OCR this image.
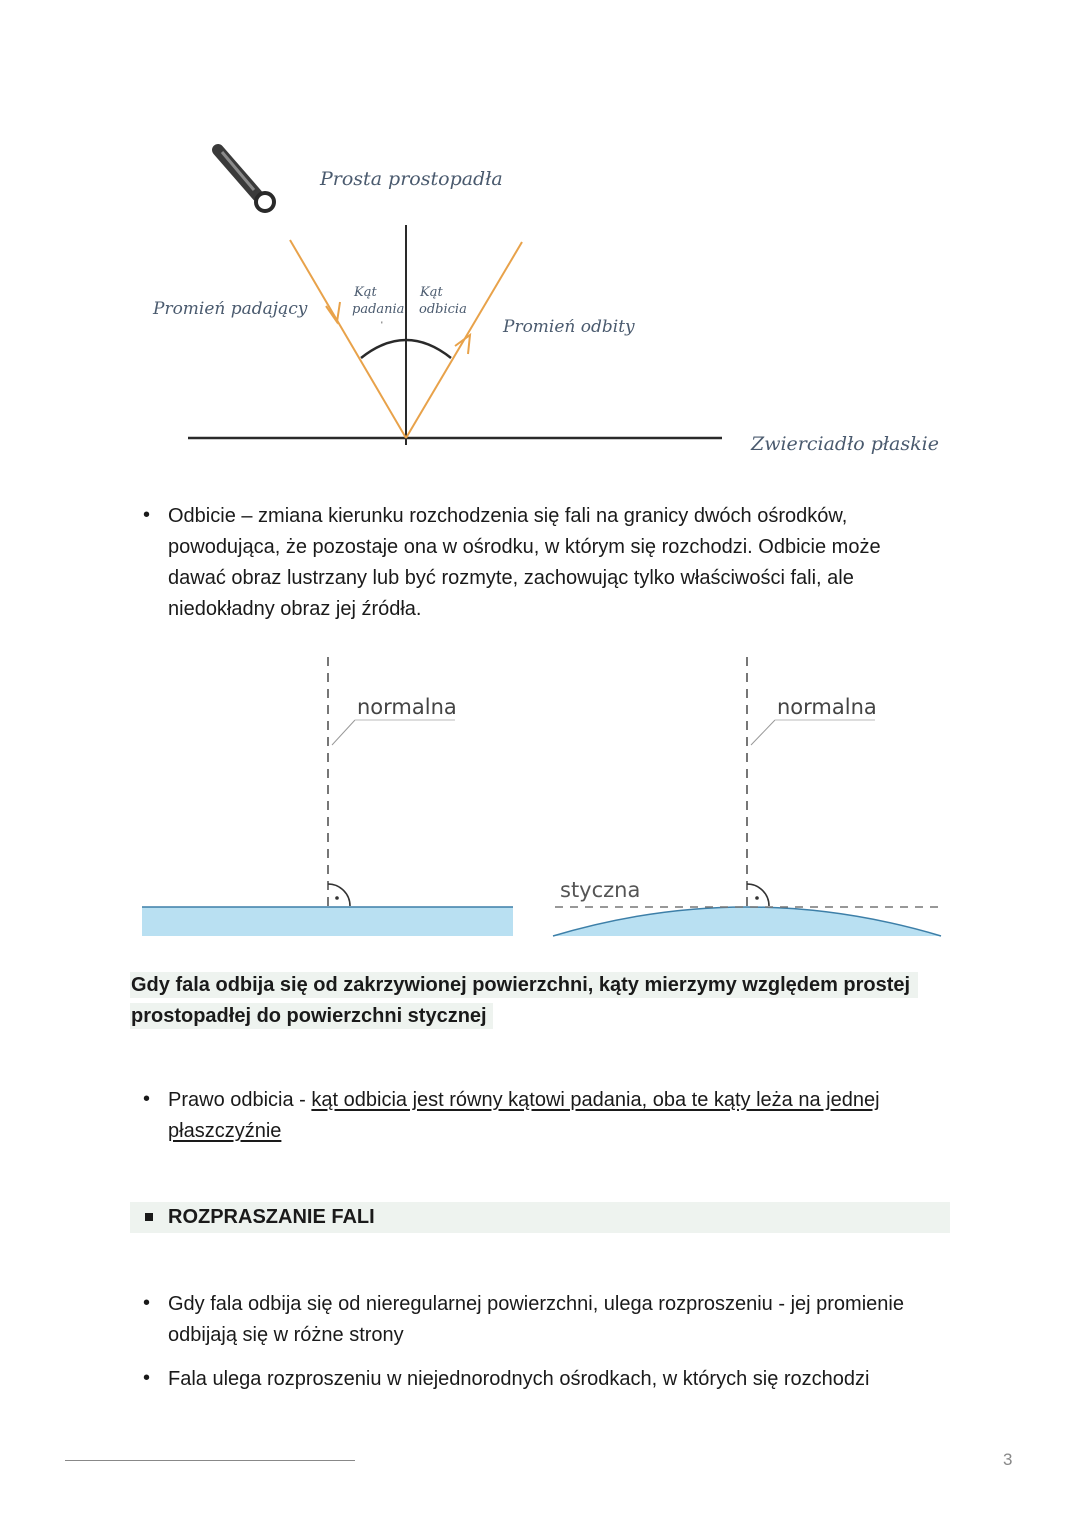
'
Prosta prostopadła
Promień padający
Promień odbity
Kąt
padania
Kąt
odbicia
Zwierciadło płaskie
• Odbicie – zmiana kierunku rozchodzenia się fali na granicy dwóch ośrodków,
powodująca, że pozostaje ona w ośrodku, w którym się rozchodzi. Odbicie może
dawać obraz lustrzany lub być rozmyte, zachowując tylko właściwości fali, ale
niedokładny obraz jej źródła.
normalna	normalna
styczna
Gdy fala odbija się od zakrzywionej powierzchni, kąty mierzymy względem prostej
prostopadłej do powierzchni stycznej
• Prawo odbicia - kąt odbicia jest równy kątowi padania, oba te kąty leża na jednej
płaszczyźnie
ROZPRASZANIE FALI
• Gdy fala odbija się od nieregularnej powierzchni, ulega rozproszeniu - jej promienie
odbijają się w różne strony
• Fala ulega rozproszeniu w niejednorodnych ośrodkach, w których się rozchodzi
3
